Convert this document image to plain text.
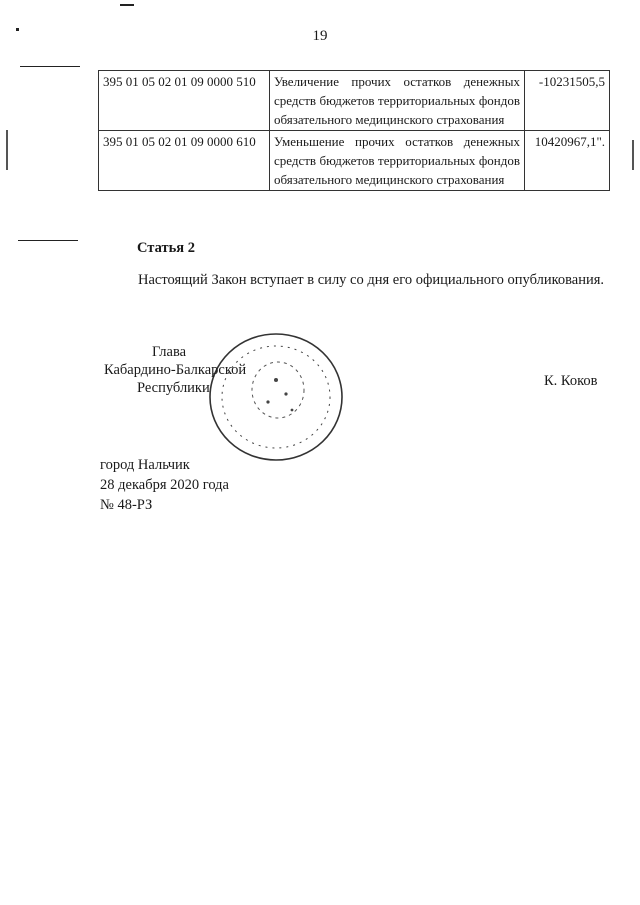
19
395 01 05 02 01 09 0000 510	Увеличение прочих остатков денежных средств бюджетов территориальных фондов обязательного медицинского страхования	-10231505,5
395 01 05 02 01 09 0000 610	Уменьшение прочих остатков денежных средств бюджетов территориальных фондов обязательного медицинского страхования	10420967,1".
Статья 2
Настоящий Закон вступает в силу со дня его официального опубликования.
Глава
Кабардино-Балкарской
Республики	К. Коков
город Нальчик
28 декабря 2020 года
№ 48-РЗ
